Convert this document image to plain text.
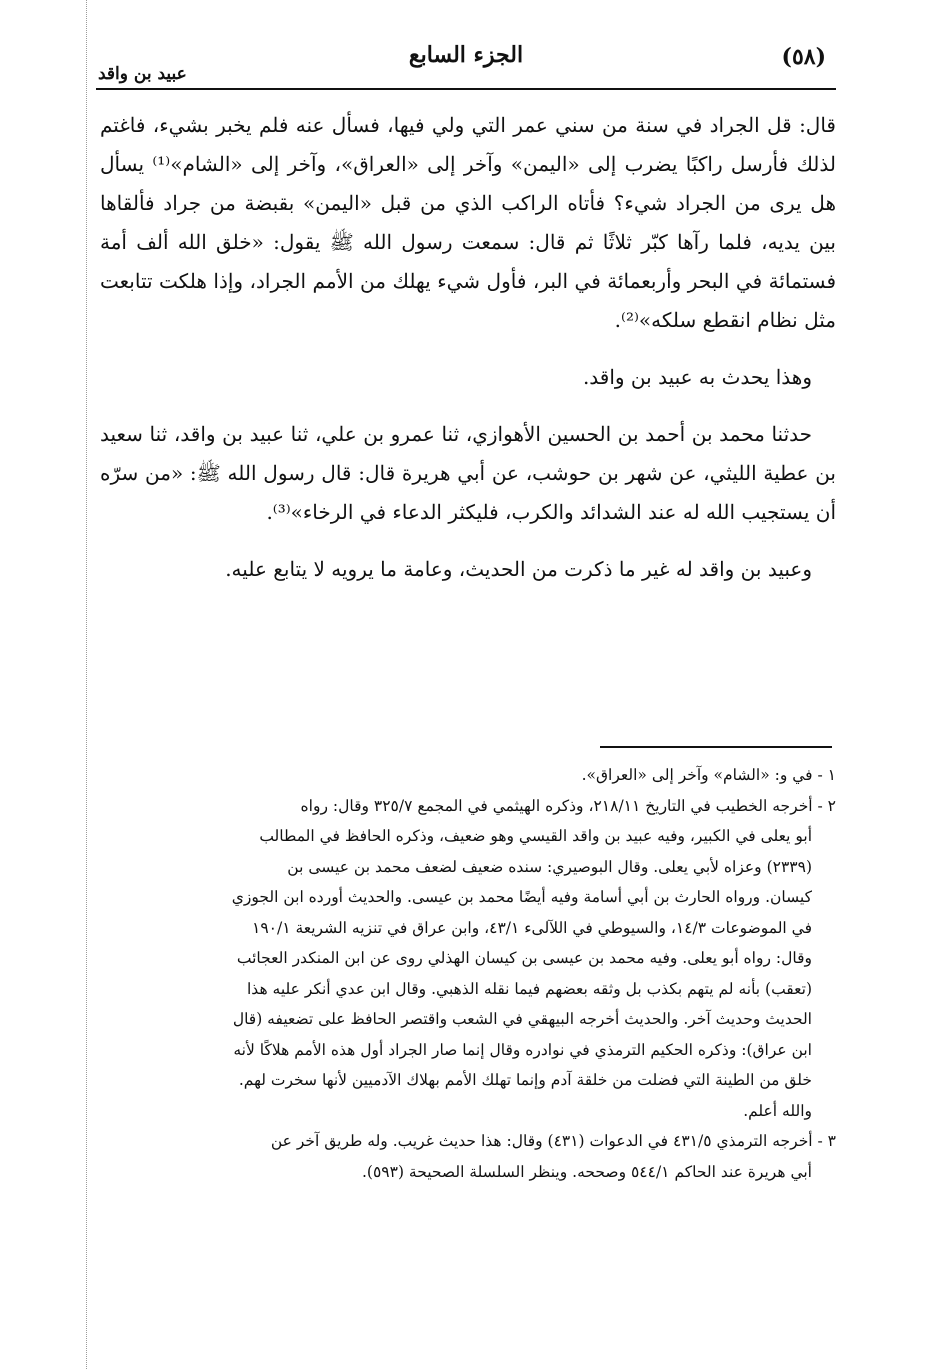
(٥٨)
الجزء السابع
عبيد بن واقد

قال: قل الجراد في سنة من سني عمر التي ولي فيها، فسأل عنه فلم يخبر بشيء، فاغتم لذلك فأرسل راكبًا يضرب إلى «اليمن» وآخر إلى «العراق»، وآخر إلى «الشام»⁽¹⁾ يسأل هل يرى من الجراد شيء؟ فأتاه الراكب الذي من قبل «اليمن» بقبضة من جراد فألقاها بين يديه، فلما رآها كبّر ثلاثًا ثم قال: سمعت رسول الله ﷺ يقول: «خلق الله ألف أمة فستمائة في البحر وأربعمائة في البر، فأول شيء يهلك من الأمم الجراد، وإذا هلكت تتابعت مثل نظام انقطع سلكه»⁽²⁾.

وهذا يحدث به عبيد بن واقد.

حدثنا محمد بن أحمد بن الحسين الأهوازي، ثنا عمرو بن علي، ثنا عبيد بن واقد، ثنا سعيد بن عطية الليثي، عن شهر بن حوشب، عن أبي هريرة قال: قال رسول الله ﷺ: «من سرّه أن يستجيب الله له عند الشدائد والكرب، فليكثر الدعاء في الرخاء»⁽³⁾.

وعبيد بن واقد له غير ما ذكرت من الحديث، وعامة ما يرويه لا يتابع عليه.

١ - في و: «الشام» وآخر إلى «العراق».

٢ - أخرجه الخطيب في التاريخ ٢١٨/١١، وذكره الهيثمي في المجمع ٣٢٥/٧ وقال: رواه

أبو يعلى في الكبير، وفيه عبيد بن واقد القيسي وهو ضعيف، وذكره الحافظ في المطالب

(٢٣٣٩) وعزاه لأبي يعلى. وقال البوصيري: سنده ضعيف لضعف محمد بن عيسى بن

كيسان. ورواه الحارث بن أبي أسامة وفيه أيضًا محمد بن عيسى. والحديث أورده ابن الجوزي

في الموضوعات ١٤/٣، والسيوطي في اللآلىء ٤٣/١، وابن عراق في تنزيه الشريعة ١٩٠/١

وقال: رواه أبو يعلى. وفيه محمد بن عيسى بن كيسان الهذلي روى عن ابن المنكدر العجائب

(تعقب) بأنه لم يتهم بكذب بل وثقه بعضهم فيما نقله الذهبي. وقال ابن عدي أنكر عليه هذا

الحديث وحديث آخر. والحديث أخرجه البيهقي في الشعب واقتصر الحافظ على تضعيفه (قال

ابن عراق): وذكره الحكيم الترمذي في نوادره وقال إنما صار الجراد أول هذه الأمم هلاكًا لأنه

خلق من الطينة التي فضلت من خلقة آدم وإنما تهلك الأمم بهلاك الآدميين لأنها سخرت لهم.

والله أعلم.

٣ - أخرجه الترمذي ٤٣١/٥ في الدعوات (٤٣١) وقال: هذا حديث غريب. وله طريق آخر عن

أبي هريرة عند الحاكم ٥٤٤/١ وصححه. وينظر السلسلة الصحيحة (٥٩٣).
